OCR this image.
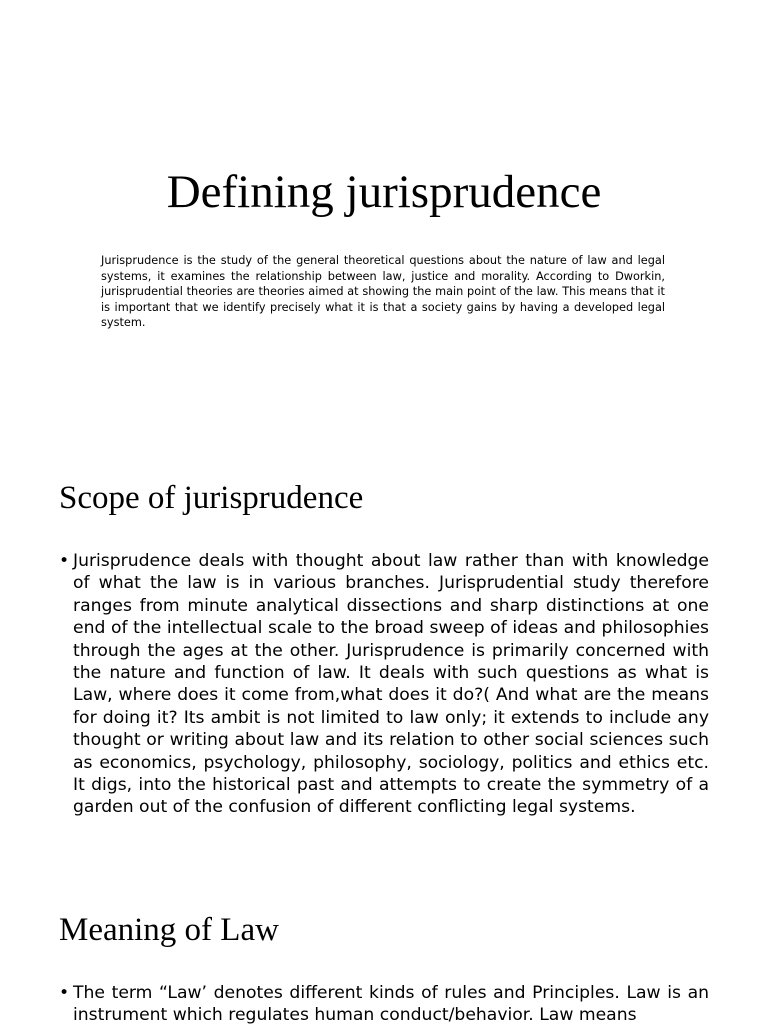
Defining jurisprudence

Jurisprudence is the study of the general theoretical questions about the nature of law and legal systems, it examines the relationship between law, justice and morality. According to Dworkin, jurisprudential theories are theories aimed at showing the main point of the law. This means that it is important that we identify precisely what it is that a society gains by having a developed legal system.

Scope of jurisprudence
• Jurisprudence deals with thought about law rather than with knowledge of what the law is in various branches. Jurisprudential study therefore ranges from minute analytical dissections and sharp distinctions at one end of the intellectual scale to the broad sweep of ideas and philosophies through the ages at the other. Jurisprudence is primarily concerned with the nature and function of law. It deals with such questions as what is Law, where does it come from,what does it do?( And what are the means for doing it? Its ambit is not limited to law only; it extends to include any thought or writing about law and its relation to other social sciences such as economics, psychology, philosophy, sociology, politics and ethics etc. It digs, into the historical past and attempts to create the symmetry of a garden out of the confusion of different conflicting legal systems.
Meaning of Law
• The term “Law’ denotes different kinds of rules and Principles. Law is an instrument which regulates human conduct/behavior. Law means
